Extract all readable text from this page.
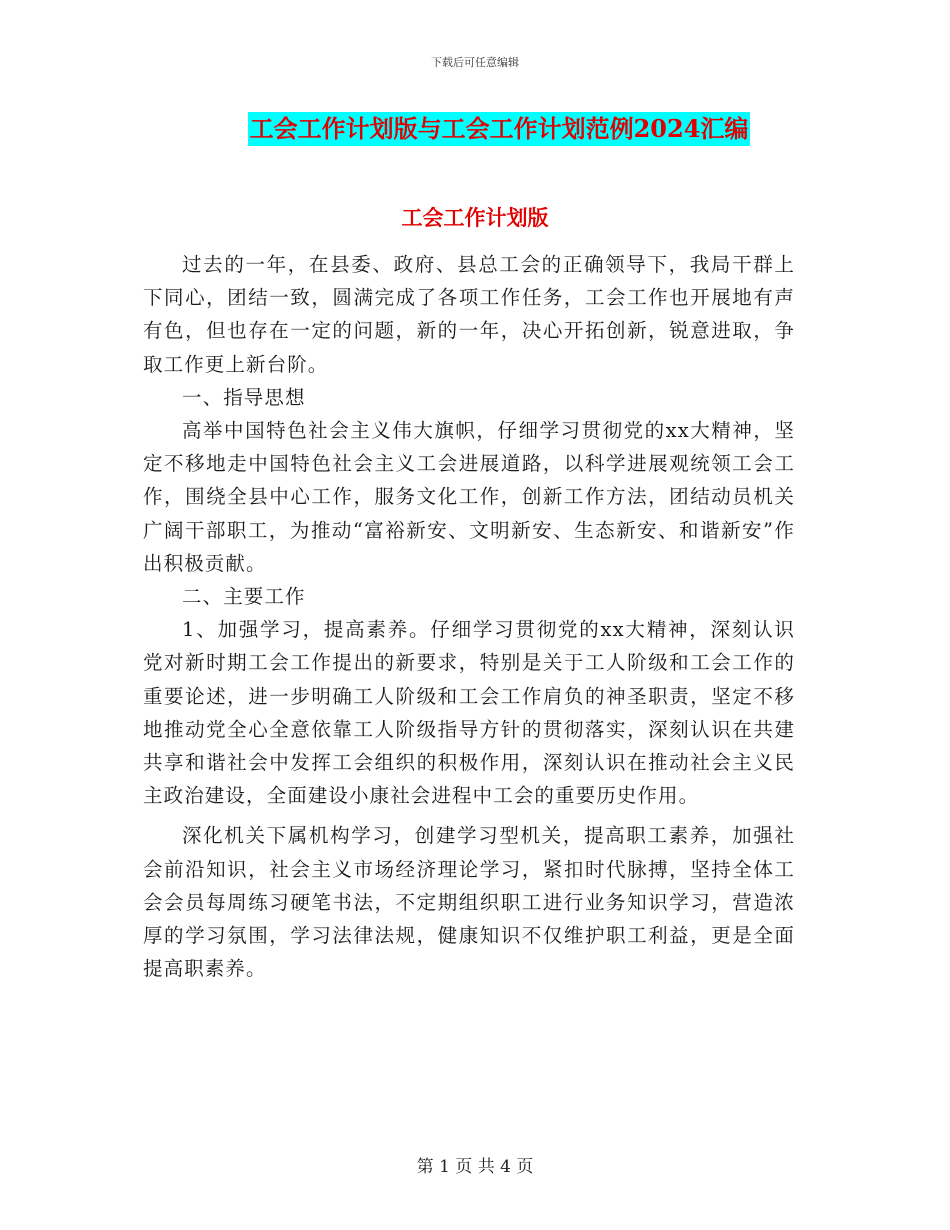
下载后可任意编辑
工会工作计划版与工会工作计划范例2024汇编
工会工作计划版

过去的一年，在县委、政府、县总工会的正确领导下，我局干群上下同心，团结一致，圆满完成了各项工作任务，工会工作也开展地有声有色，但也存在一定的问题，新的一年，决心开拓创新，锐意进取，争取工作更上新台阶。

一、指导思想

高举中国特色社会主义伟大旗帜，仔细学习贯彻党的xx大精神，坚定不移地走中国特色社会主义工会进展道路，以科学进展观统领工会工作，围绕全县中心工作，服务文化工作，创新工作方法，团结动员机关广阔干部职工，为推动“富裕新安、文明新安、生态新安、和谐新安”作出积极贡献。

二、主要工作

1、加强学习，提高素养。仔细学习贯彻党的xx大精神，深刻认识党对新时期工会工作提出的新要求，特别是关于工人阶级和工会工作的重要论述，进一步明确工人阶级和工会工作肩负的神圣职责，坚定不移地推动党全心全意依靠工人阶级指导方针的贯彻落实，深刻认识在共建共享和谐社会中发挥工会组织的积极作用，深刻认识在推动社会主义民主政治建设，全面建设小康社会进程中工会的重要历史作用。

深化机关下属机构学习，创建学习型机关，提高职工素养，加强社会前沿知识，社会主义市场经济理论学习，紧扣时代脉搏，坚持全体工会会员每周练习硬笔书法，不定期组织职工进行业务知识学习，营造浓厚的学习氛围，学习法律法规，健康知识不仅维护职工利益，更是全面提高职素养。

第 1 页 共 4 页
